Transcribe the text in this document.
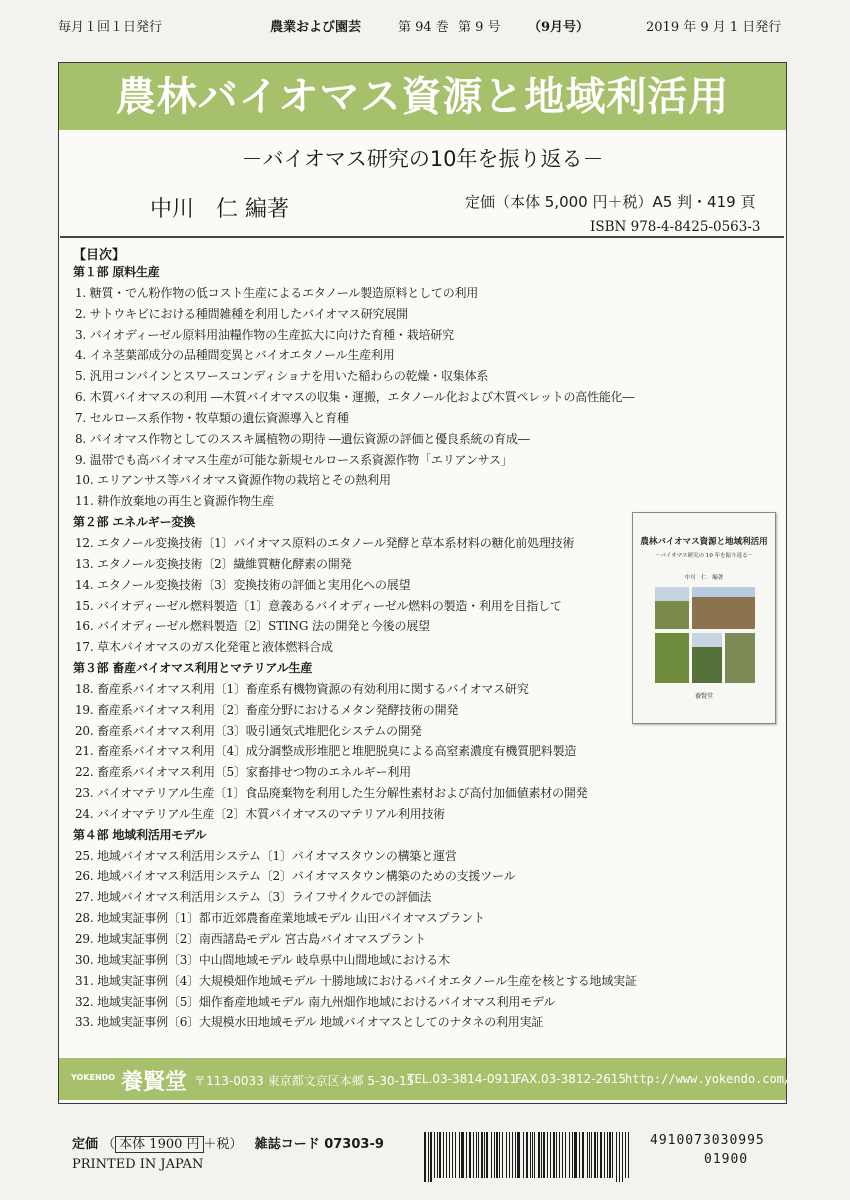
毎月１回１日発行	農業および園芸	第 94 巻 第 9 号 （9月号）	2019 年 9 月 1 日発行
農林バイオマス資源と地域利活用
－バイオマス研究の10年を振り返る－
中川　仁 編著	定価（本体 5,000 円＋税）A5 判・419 頁
ISBN 978-4-8425-0563-3
【目次】
第１部 原料生産
1. 糖質・でん粉作物の低コスト生産によるエタノール製造原料としての利用
2. サトウキビにおける種間雑種を利用したバイオマス研究展開
3. バイオディーゼル原料用油糧作物の生産拡大に向けた育種・栽培研究
4. イネ茎葉部成分の品種間変異とバイオエタノール生産利用
5. 汎用コンバインとスワースコンディショナを用いた稲わらの乾燥・収集体系
6. 木質バイオマスの利用 ―木質バイオマスの収集・運搬，エタノール化および木質ペレットの高性能化―
7. セルロース系作物・牧草類の遺伝資源導入と育種
8. バイオマス作物としてのススキ属植物の期待 ―遺伝資源の評価と優良系統の育成―
9. 温帯でも高バイオマス生産が可能な新規セルロース系資源作物「エリアンサス」
10. エリアンサス等バイオマス資源作物の栽培とその熱利用
11. 耕作放棄地の再生と資源作物生産
第２部 エネルギー変換
12. エタノール変換技術〔1〕バイオマス原料のエタノール発酵と草本系材料の糖化前処理技術
13. エタノール変換技術〔2〕繊維質糖化酵素の開発
14. エタノール変換技術〔3〕変換技術の評価と実用化への展望
15. バイオディーゼル燃料製造〔1〕意義あるバイオディーゼル燃料の製造・利用を目指して
16. バイオディーゼル燃料製造〔2〕STING 法の開発と今後の展望
17. 草木バイオマスのガス化発電と液体燃料合成
第３部 畜産バイオマス利用とマテリアル生産
18. 畜産系バイオマス利用〔1〕畜産系有機物資源の有効利用に関するバイオマス研究
19. 畜産系バイオマス利用〔2〕畜産分野におけるメタン発酵技術の開発
20. 畜産系バイオマス利用〔3〕吸引通気式堆肥化システムの開発
21. 畜産系バイオマス利用〔4〕成分調整成形堆肥と堆肥脱臭による高窒素濃度有機質肥料製造
22. 畜産系バイオマス利用〔5〕家畜排せつ物のエネルギー利用
23. バイオマテリアル生産〔1〕食品廃棄物を利用した生分解性素材および高付加価値素材の開発
24. バイオマテリアル生産〔2〕木質バイオマスのマテリアル利用技術
第４部 地域利活用モデル
25. 地域バイオマス利活用システム〔1〕バイオマスタウンの構築と運営
26. 地域バイオマス利活用システム〔2〕バイオマスタウン構築のための支援ツール
27. 地域バイオマス利活用システム〔3〕ライフサイクルでの評価法
28. 地域実証事例〔1〕都市近郊農畜産業地域モデル 山田バイオマスプラント
29. 地域実証事例〔2〕南西諸島モデル 宮古島バイオマスプラント
30. 地域実証事例〔3〕中山間地域モデル 岐阜県中山間地域における木
31. 地域実証事例〔4〕大規模畑作地域モデル 十勝地域におけるバイオエタノール生産を核とする地域実証
32. 地域実証事例〔5〕畑作畜産地域モデル 南九州畑作地域におけるバイオマス利用モデル
33. 地域実証事例〔6〕大規模水田地域モデル 地域バイオマスとしてのナタネの利用実証
農林バイオマス資源と地域利活用
－バイオマス研究の 10 年を振り返る－
中川　仁　編著
養賢堂
YOKENDO 養賢堂 〒113-0033 東京都文京区本郷 5-30-15
TEL.03-3814-0911
FAX.03-3812-2615
http://www.yokendo.com/
定価 （ 本体 1900 円 ＋税） 雑誌コード 07303-9
PRINTED IN JAPAN
4910073030995
01900
